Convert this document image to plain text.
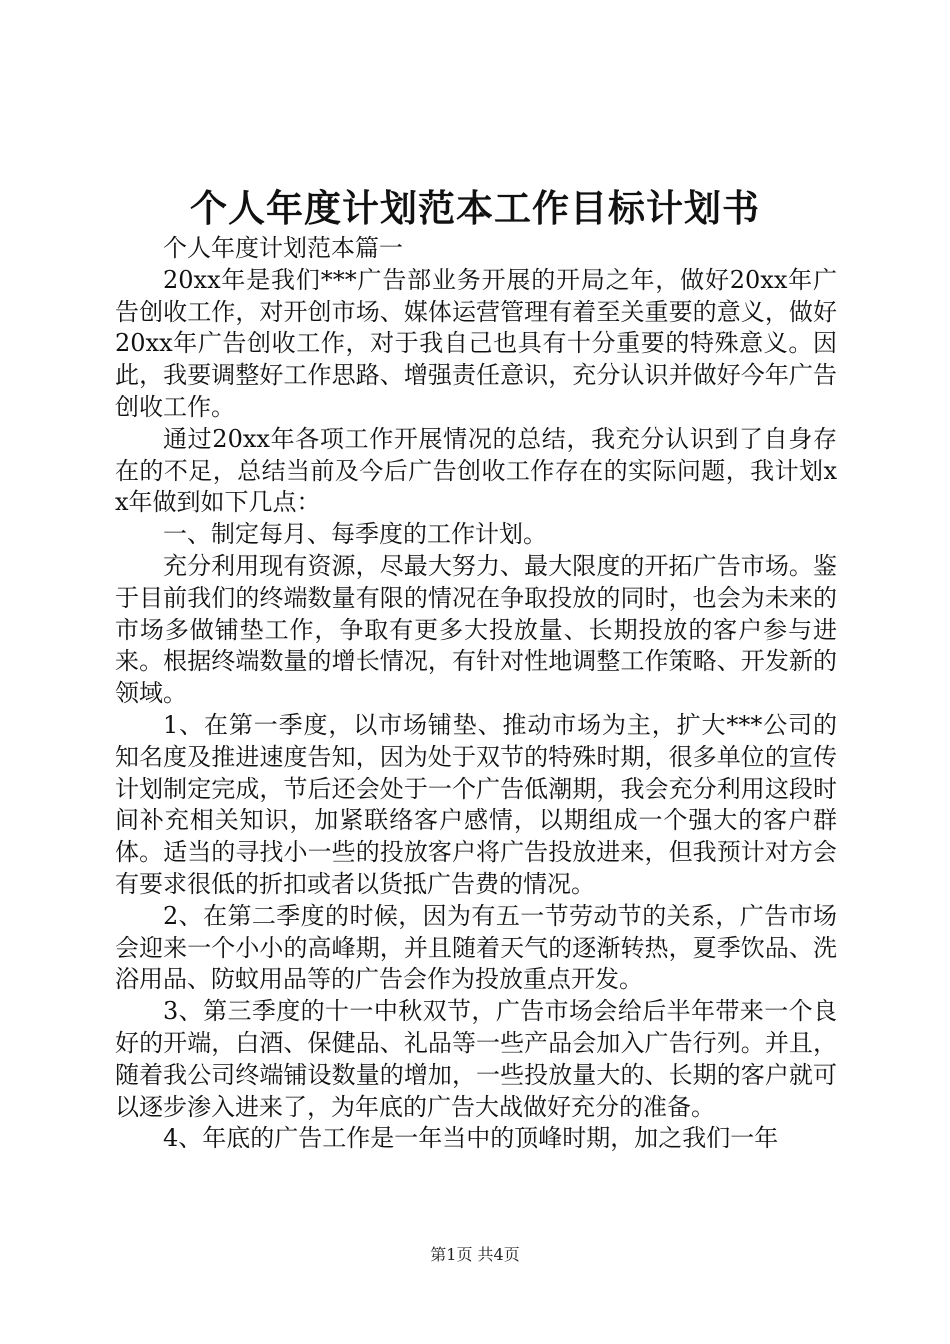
个人年度计划范本工作目标计划书

个人年度计划范本篇一

20xx年是我们***广告部业务开展的开局之年，做好20xx年广告创收工作，对开创市场、媒体运营管理有着至关重要的意义，做好20xx年广告创收工作，对于我自己也具有十分重要的特殊意义。因此，我要调整好工作思路、增强责任意识，充分认识并做好今年广告创收工作。

通过20xx年各项工作开展情况的总结，我充分认识到了自身存在的不足，总结当前及今后广告创收工作存在的实际问题，我计划xx年做到如下几点：

一、制定每月、每季度的工作计划。

充分利用现有资源，尽最大努力、最大限度的开拓广告市场。鉴于目前我们的终端数量有限的情况在争取投放的同时，也会为未来的市场多做铺垫工作，争取有更多大投放量、长期投放的客户参与进来。根据终端数量的增长情况，有针对性地调整工作策略、开发新的领域。

1、在第一季度，以市场铺垫、推动市场为主，扩大***公司的知名度及推进速度告知，因为处于双节的特殊时期，很多单位的宣传计划制定完成，节后还会处于一个广告低潮期，我会充分利用这段时间补充相关知识，加紧联络客户感情，以期组成一个强大的客户群体。适当的寻找小一些的投放客户将广告投放进来，但我预计对方会有要求很低的折扣或者以货抵广告费的情况。

2、在第二季度的时候，因为有五一节劳动节的关系，广告市场会迎来一个小小的高峰期，并且随着天气的逐渐转热，夏季饮品、洗浴用品、防蚊用品等的广告会作为投放重点开发。

3、第三季度的十一中秋双节，广告市场会给后半年带来一个良好的开端，白酒、保健品、礼品等一些产品会加入广告行列。并且，随着我公司终端铺设数量的增加，一些投放量大的、长期的客户就可以逐步渗入进来了，为年底的广告大战做好充分的准备。

4、年底的广告工作是一年当中的顶峰时期，加之我们一年

第1页 共4页
